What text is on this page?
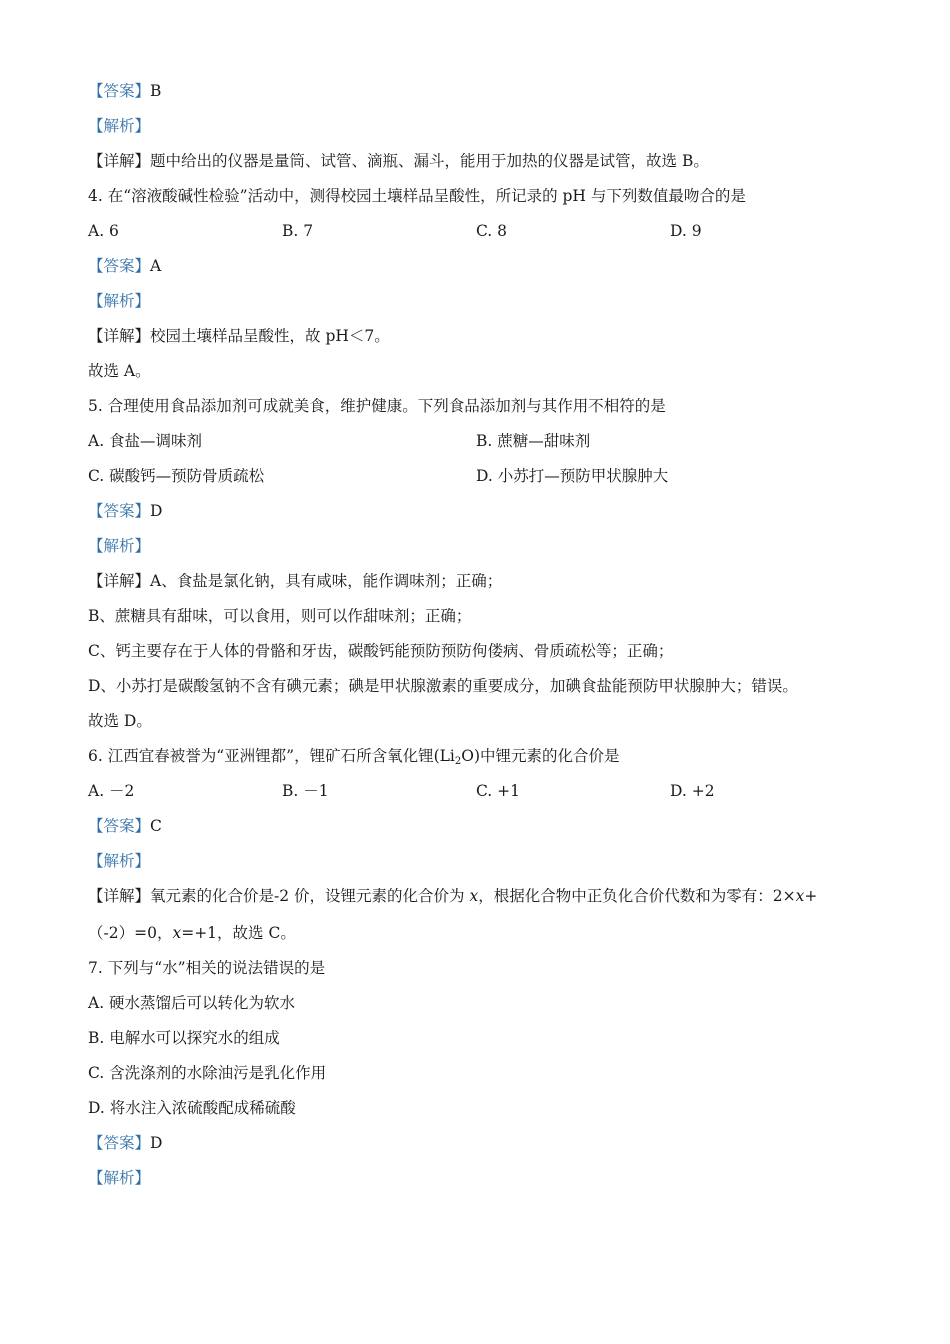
【答案】B
【解析】
【详解】题中给出的仪器是量筒、试管、滴瓶、漏斗，能用于加热的仪器是试管，故选 B。
4. 在“溶液酸碱性检验”活动中，测得校园土壤样品呈酸性，所记录的 pH 与下列数值最吻合的是
A. 6	B. 7	C. 8	D. 9
【答案】A
【解析】
【详解】校园土壤样品呈酸性，故 pH＜7。
故选 A。
5. 合理使用食品添加剂可成就美食，维护健康。下列食品添加剂与其作用不相符的是
A. 食盐—调味剂	B. 蔗糖—甜味剂
C. 碳酸钙—预防骨质疏松	D. 小苏打—预防甲状腺肿大
【答案】D
【解析】
【详解】A、食盐是氯化钠，具有咸味，能作调味剂；正确；
B、蔗糖具有甜味，可以食用，则可以作甜味剂；正确；
C、钙主要存在于人体的骨骼和牙齿，碳酸钙能预防预防佝偻病、骨质疏松等；正确；
D、小苏打是碳酸氢钠不含有碘元素；碘是甲状腺激素的重要成分，加碘食盐能预防甲状腺肿大；错误。
故选 D。
6. 江西宜春被誉为“亚洲锂都”，锂矿石所含氧化锂$(Li_2O)$中锂元素的化合价是
A. －2	B. －1	C. +1	D. +2
【答案】C
【解析】
【详解】氧元素的化合价是-2 价，设锂元素的化合价为 x，根据化合物中正负化合价代数和为零有：2×x+
（-2）=0，x=+1，故选 C。
7. 下列与“水”相关的说法错误的是
A. 硬水蒸馏后可以转化为软水
B. 电解水可以探究水的组成
C. 含洗涤剂的水除油污是乳化作用
D. 将水注入浓硫酸配成稀硫酸
【答案】D
【解析】
